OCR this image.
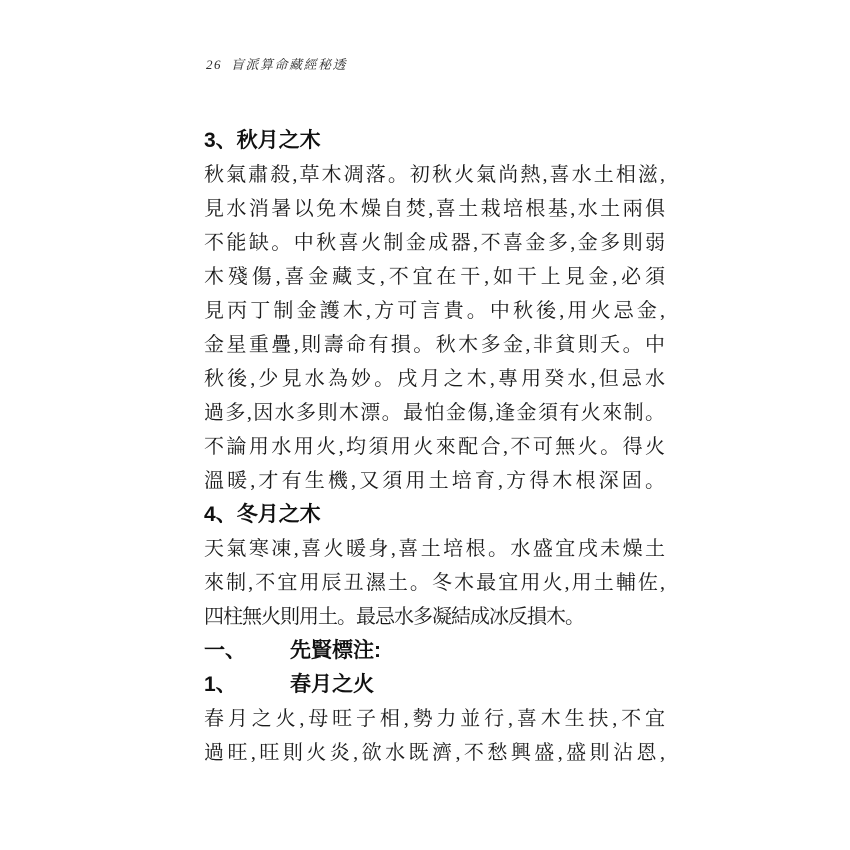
26 盲派算命藏經秘透
3、秋月之木
秋氣肅殺,草木凋落。初秋火氣尚熱,喜水土相滋,
見水消暑以免木燥自焚,喜土栽培根基,水土兩俱
不能缺。中秋喜火制金成器,不喜金多,金多則弱
木殘傷,喜金藏支,不宜在干,如干上見金,必須
見丙丁制金護木,方可言貴。中秋後,用火忌金,
金星重疊,則壽命有損。秋木多金,非貧則夭。中
秋後,少見水為妙。戌月之木,專用癸水,但忌水
過多,因水多則木漂。最怕金傷,逢金須有火來制。
不論用水用火,均須用火來配合,不可無火。得火
溫暖,才有生機,又須用土培育,方得木根深固。
4、冬月之木
天氣寒凍,喜火暖身,喜土培根。水盛宜戌未燥土
來制,不宜用辰丑濕土。冬木最宜用火,用土輔佐,
四柱無火則用土。最忌水多凝結成冰反損木。
一、 先賢標注:
1、	春月之火
春月之火,母旺子相,勢力並行,喜木生扶,不宜
過旺,旺則火炎,欲水既濟,不愁興盛,盛則沾恩,
